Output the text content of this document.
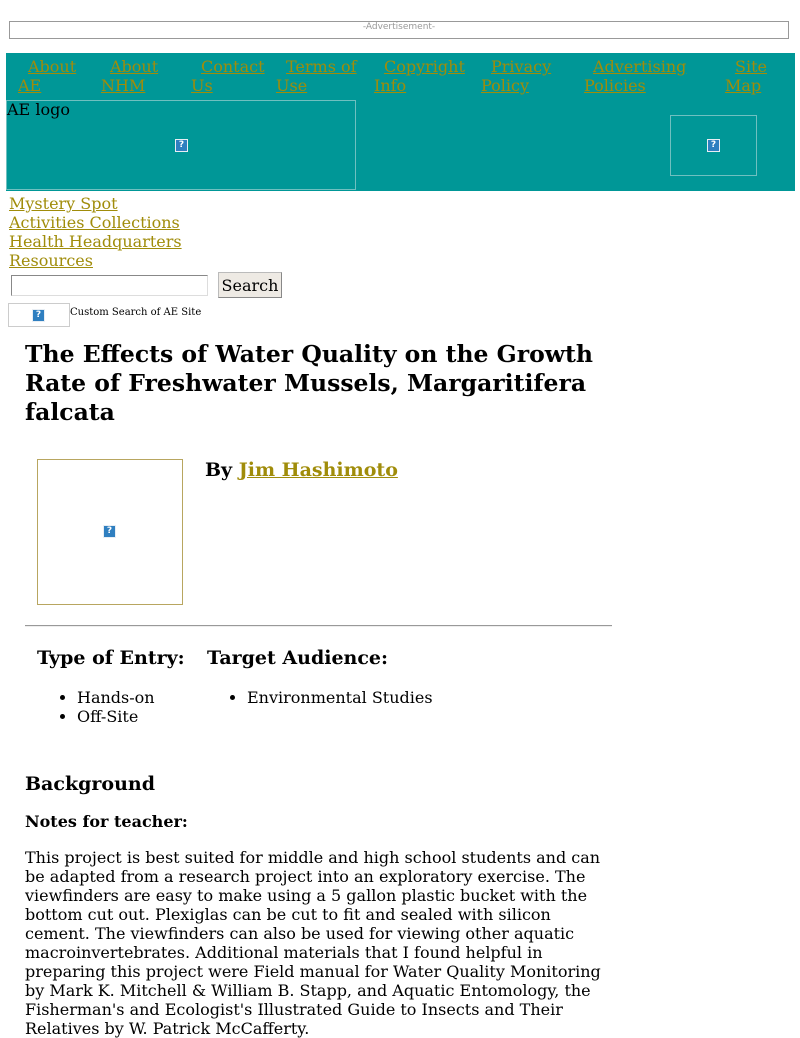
-Advertisement-
About
AE
About
NHM
Contact
Us
Terms of
Use
Copyright
Info
Privacy
Policy
Advertising
Policies
Site
Map
AE logo
?	?
Mystery Spot
Activities Collections
Health Headquarters
Resources
Search
?	Custom Search of AE Site
The Effects of Water Quality on the Growth Rate of Freshwater Mussels, Margaritifera falcata
?
By Jim Hashimoto
Type of Entry:
• Hands-on
• Off-Site
Target Audience:
• Environmental Studies
Background
Notes for teacher:

This project is best suited for middle and high school students and can be adapted from a research project into an exploratory exercise. The viewfinders are easy to make using a 5 gallon plastic bucket with the bottom cut out. Plexiglas can be cut to fit and sealed with silicon cement. The viewfinders can also be used for viewing other aquatic macroinvertebrates. Additional materials that I found helpful in preparing this project were Field manual for Water Quality Monitoring by Mark K. Mitchell & William B. Stapp, and Aquatic Entomology, the Fisherman's and Ecologist's Illustrated Guide to Insects and Their Relatives by W. Patrick McCafferty.
